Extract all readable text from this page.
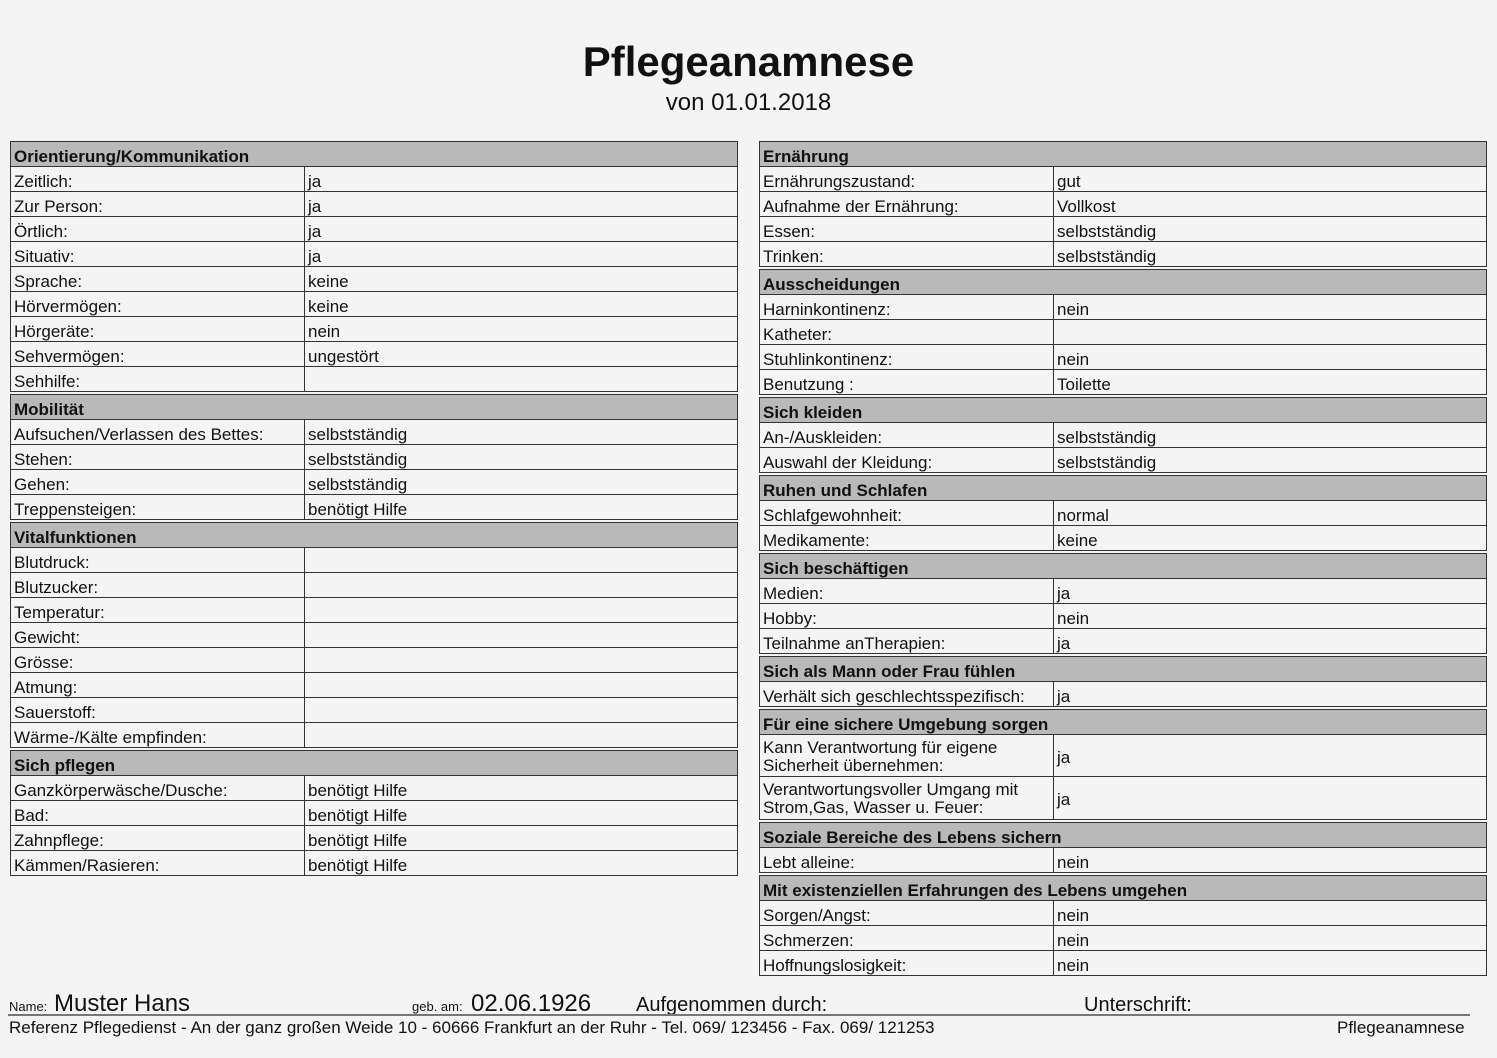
Pflegeanamnese
von 01.01.2018
Orientierung/Kommunikation
Zeitlich:	ja
Zur Person:	ja
Örtlich:	ja
Situativ:	ja
Sprache:	keine
Hörvermögen:	keine
Hörgeräte:	nein
Sehvermögen:	ungestört
Sehhilfe:
Mobilität
Aufsuchen/Verlassen des Bettes:	selbstständig
Stehen:	selbstständig
Gehen:	selbstständig
Treppensteigen:	benötigt Hilfe
Vitalfunktionen
Blutdruck:
Blutzucker:
Temperatur:
Gewicht:
Grösse:
Atmung:
Sauerstoff:
Wärme-/Kälte empfinden:
Sich pflegen
Ganzkörperwäsche/Dusche:	benötigt Hilfe
Bad:	benötigt Hilfe
Zahnpflege:	benötigt Hilfe
Kämmen/Rasieren:	benötigt Hilfe
Ernährung
Ernährungszustand:	gut
Aufnahme der Ernährung:	Vollkost
Essen:	selbstständig
Trinken:	selbstständig
Ausscheidungen
Harninkontinenz:	nein
Katheter:
Stuhlinkontinenz:	nein
Benutzung :	Toilette
Sich kleiden
An-/Auskleiden:	selbstständig
Auswahl der Kleidung:	selbstständig
Ruhen und Schlafen
Schlafgewohnheit:	normal
Medikamente:	keine
Sich beschäftigen
Medien:	ja
Hobby:	nein
Teilnahme anTherapien:	ja
Sich als Mann oder Frau fühlen
Verhält sich geschlechtsspezifisch:	ja
Für eine sichere Umgebung sorgen
Kann Verantwortung für eigene Sicherheit übernehmen:	ja
Verantwortungsvoller Umgang mit Strom,Gas, Wasser u. Feuer:	ja
Soziale Bereiche des Lebens sichern
Lebt alleine:	nein
Mit existenziellen Erfahrungen des Lebens umgehen
Sorgen/Angst:	nein
Schmerzen:	nein
Hoffnungslosigkeit:	nein
Name: Muster Hans	geb. am: 02.06.1926 Aufgenommen durch:	Unterschrift:
Referenz Pflegedienst - An der ganz großen Weide 10 - 60666 Frankfurt an der Ruhr - Tel. 069/ 123456 - Fax. 069/ 121253	Pflegeanamnese
